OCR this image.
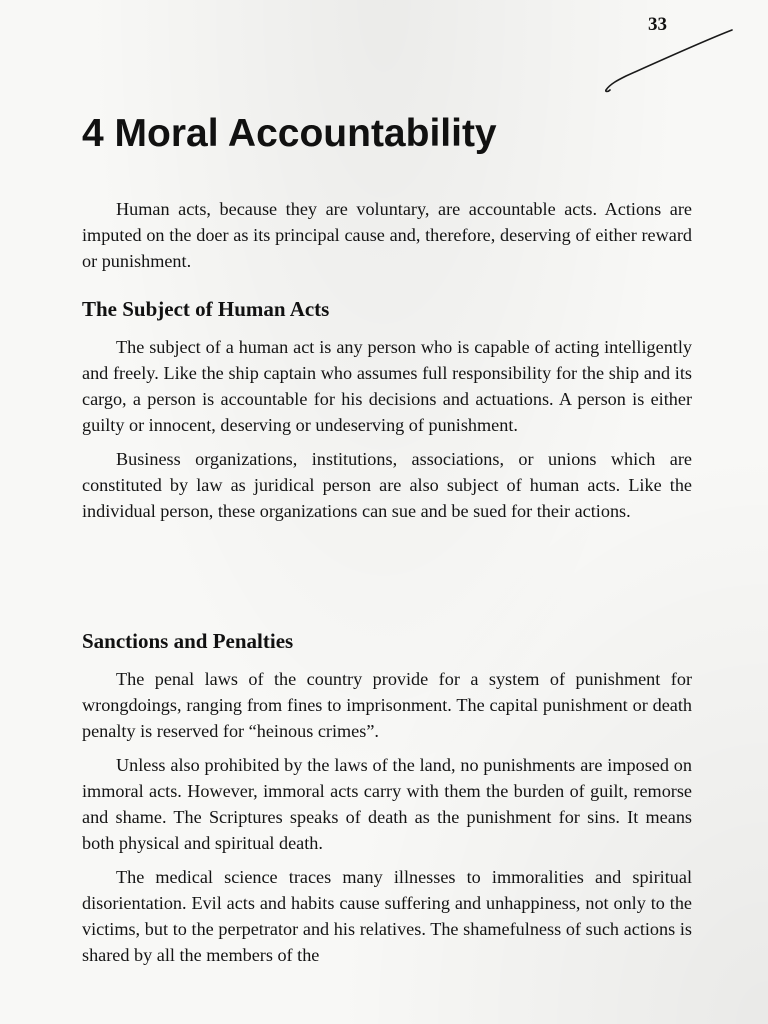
33
4 Moral Accountability

Human acts, because they are voluntary, are accountable acts. Actions are imputed on the doer as its principal cause and, therefore, deserving of either reward or punishment.

The Subject of Human Acts

The subject of a human act is any person who is capable of acting intelligently and freely. Like the ship captain who assumes full responsibility for the ship and its cargo, a person is accountable for his decisions and actuations. A person is either guilty or innocent, deserving or undeserving of punishment.

Business organizations, institutions, associations, or unions which are constituted by law as juridical person are also subject of human acts. Like the individual person, these organizations can sue and be sued for their actions.

Sanctions and Penalties

The penal laws of the country provide for a system of punishment for wrongdoings, ranging from fines to imprisonment. The capital punishment or death penalty is reserved for “heinous crimes”.

Unless also prohibited by the laws of the land, no punishments are imposed on immoral acts. However, immoral acts carry with them the burden of guilt, remorse and shame. The Scriptures speaks of death as the punishment for sins. It means both physical and spiritual death.

The medical science traces many illnesses to immoralities and spiritual disorientation. Evil acts and habits cause suffering and unhappiness, not only to the victims, but to the perpetrator and his relatives. The shamefulness of such actions is shared by all the members of the
